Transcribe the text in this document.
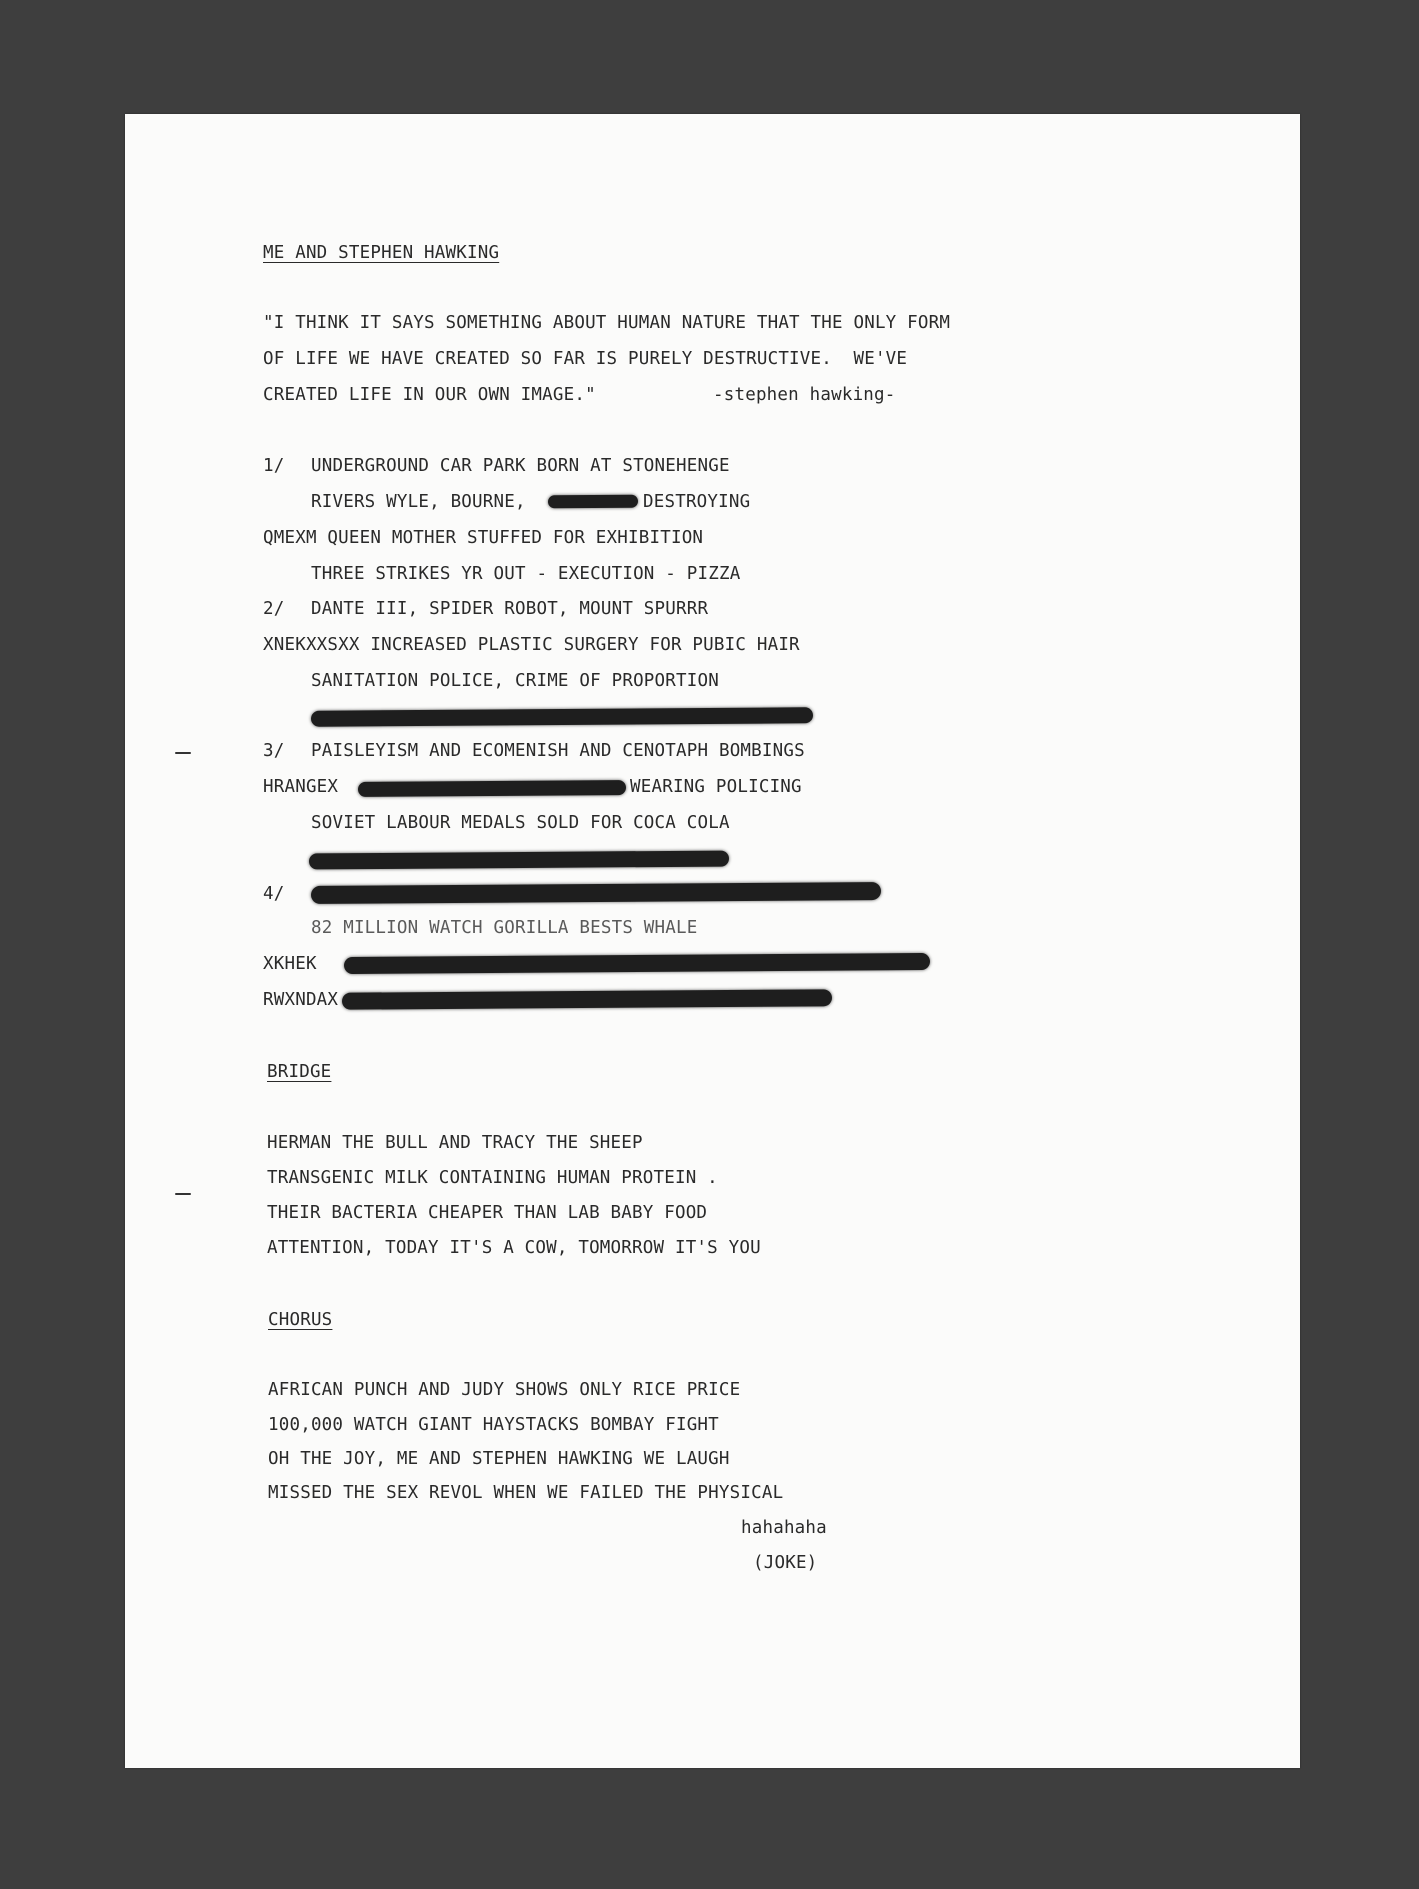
ME AND STEPHEN HAWKING
"I THINK IT SAYS SOMETHING ABOUT HUMAN NATURE THAT THE ONLY FORM
OF LIFE WE HAVE CREATED SO FAR IS PURELY DESTRUCTIVE.  WE'VE
CREATED LIFE IN OUR OWN IMAGE."	-stephen hawking-
1/ UNDERGROUND CAR PARK BORN AT STONEHENGE
RIVERS WYLE, BOURNE,	DESTROYING
QMEXM QUEEN MOTHER STUFFED FOR EXHIBITION
THREE STRIKES YR OUT - EXECUTION - PIZZA
2/ DANTE III, SPIDER ROBOT, MOUNT SPURRR
XNEKXXSXX INCREASED PLASTIC SURGERY FOR PUBIC HAIR
SANITATION POLICE, CRIME OF PROPORTION
3/ PAISLEYISM AND ECOMENISH AND CENOTAPH BOMBINGS
HRANGEX	WEARING POLICING
SOVIET LABOUR MEDALS SOLD FOR COCA COLA
4/
82 MILLION WATCH GORILLA BESTS WHALE
XKHEK
RWXNDAX
BRIDGE
HERMAN THE BULL AND TRACY THE SHEEP
TRANSGENIC MILK CONTAINING HUMAN PROTEIN .
THEIR BACTERIA CHEAPER THAN LAB BABY FOOD
ATTENTION, TODAY IT'S A COW, TOMORROW IT'S YOU
CHORUS
AFRICAN PUNCH AND JUDY SHOWS ONLY RICE PRICE
100,000 WATCH GIANT HAYSTACKS BOMBAY FIGHT
OH THE JOY, ME AND STEPHEN HAWKING WE LAUGH
MISSED THE SEX REVOL WHEN WE FAILED THE PHYSICAL
hahahaha
(JOKE)
